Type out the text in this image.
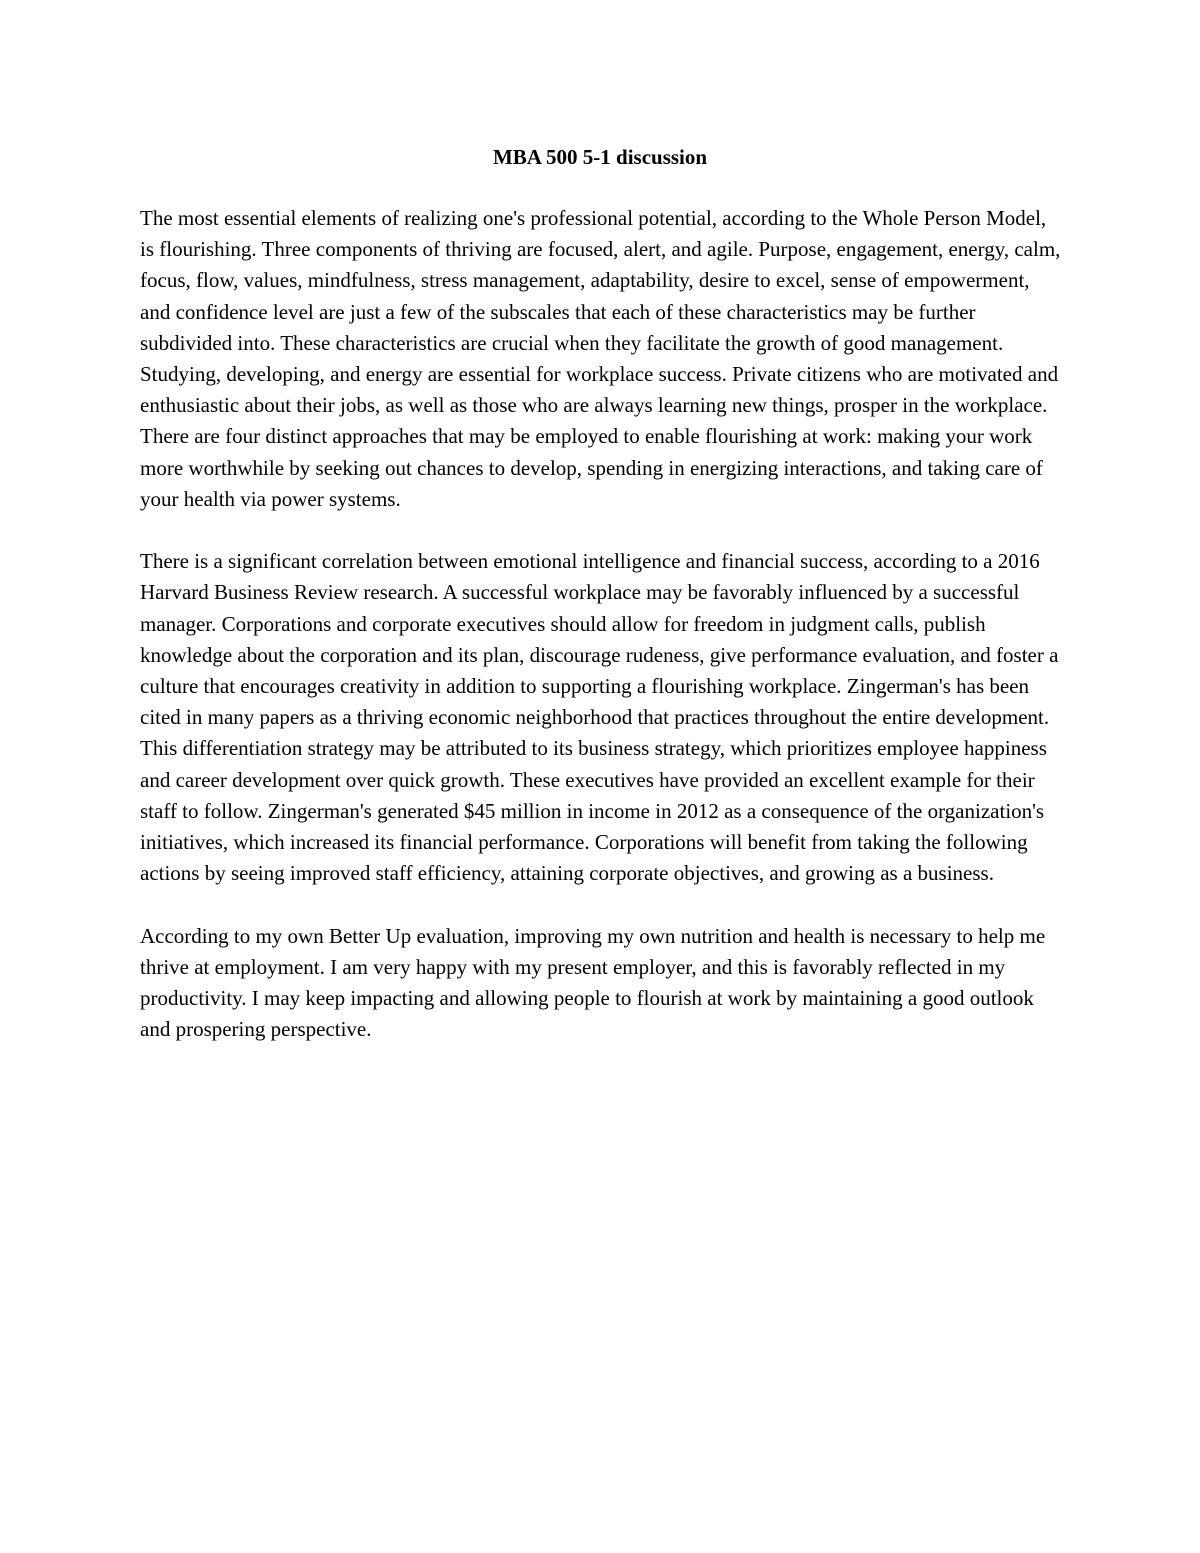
MBA 500 5-1 discussion

The most essential elements of realizing one's professional potential, according to the Whole Person Model, is flourishing. Three components of thriving are focused, alert, and agile. Purpose, engagement, energy, calm, focus, flow, values, mindfulness, stress management, adaptability, desire to excel, sense of empowerment, and confidence level are just a few of the subscales that each of these characteristics may be further subdivided into. These characteristics are crucial when they facilitate the growth of good management. Studying, developing, and energy are essential for workplace success. Private citizens who are motivated and enthusiastic about their jobs, as well as those who are always learning new things, prosper in the workplace. There are four distinct approaches that may be employed to enable flourishing at work: making your work more worthwhile by seeking out chances to develop, spending in energizing interactions, and taking care of your health via power systems.

There is a significant correlation between emotional intelligence and financial success, according to a 2016 Harvard Business Review research. A successful workplace may be favorably influenced by a successful manager. Corporations and corporate executives should allow for freedom in judgment calls, publish knowledge about the corporation and its plan, discourage rudeness, give performance evaluation, and foster a culture that encourages creativity in addition to supporting a flourishing workplace. Zingerman's has been cited in many papers as a thriving economic neighborhood that practices throughout the entire development. This differentiation strategy may be attributed to its business strategy, which prioritizes employee happiness and career development over quick growth. These executives have provided an excellent example for their staff to follow. Zingerman's generated $45 million in income in 2012 as a consequence of the organization's initiatives, which increased its financial performance. Corporations will benefit from taking the following actions by seeing improved staff efficiency, attaining corporate objectives, and growing as a business.

According to my own Better Up evaluation, improving my own nutrition and health is necessary to help me thrive at employment. I am very happy with my present employer, and this is favorably reflected in my productivity. I may keep impacting and allowing people to flourish at work by maintaining a good outlook and prospering perspective.
